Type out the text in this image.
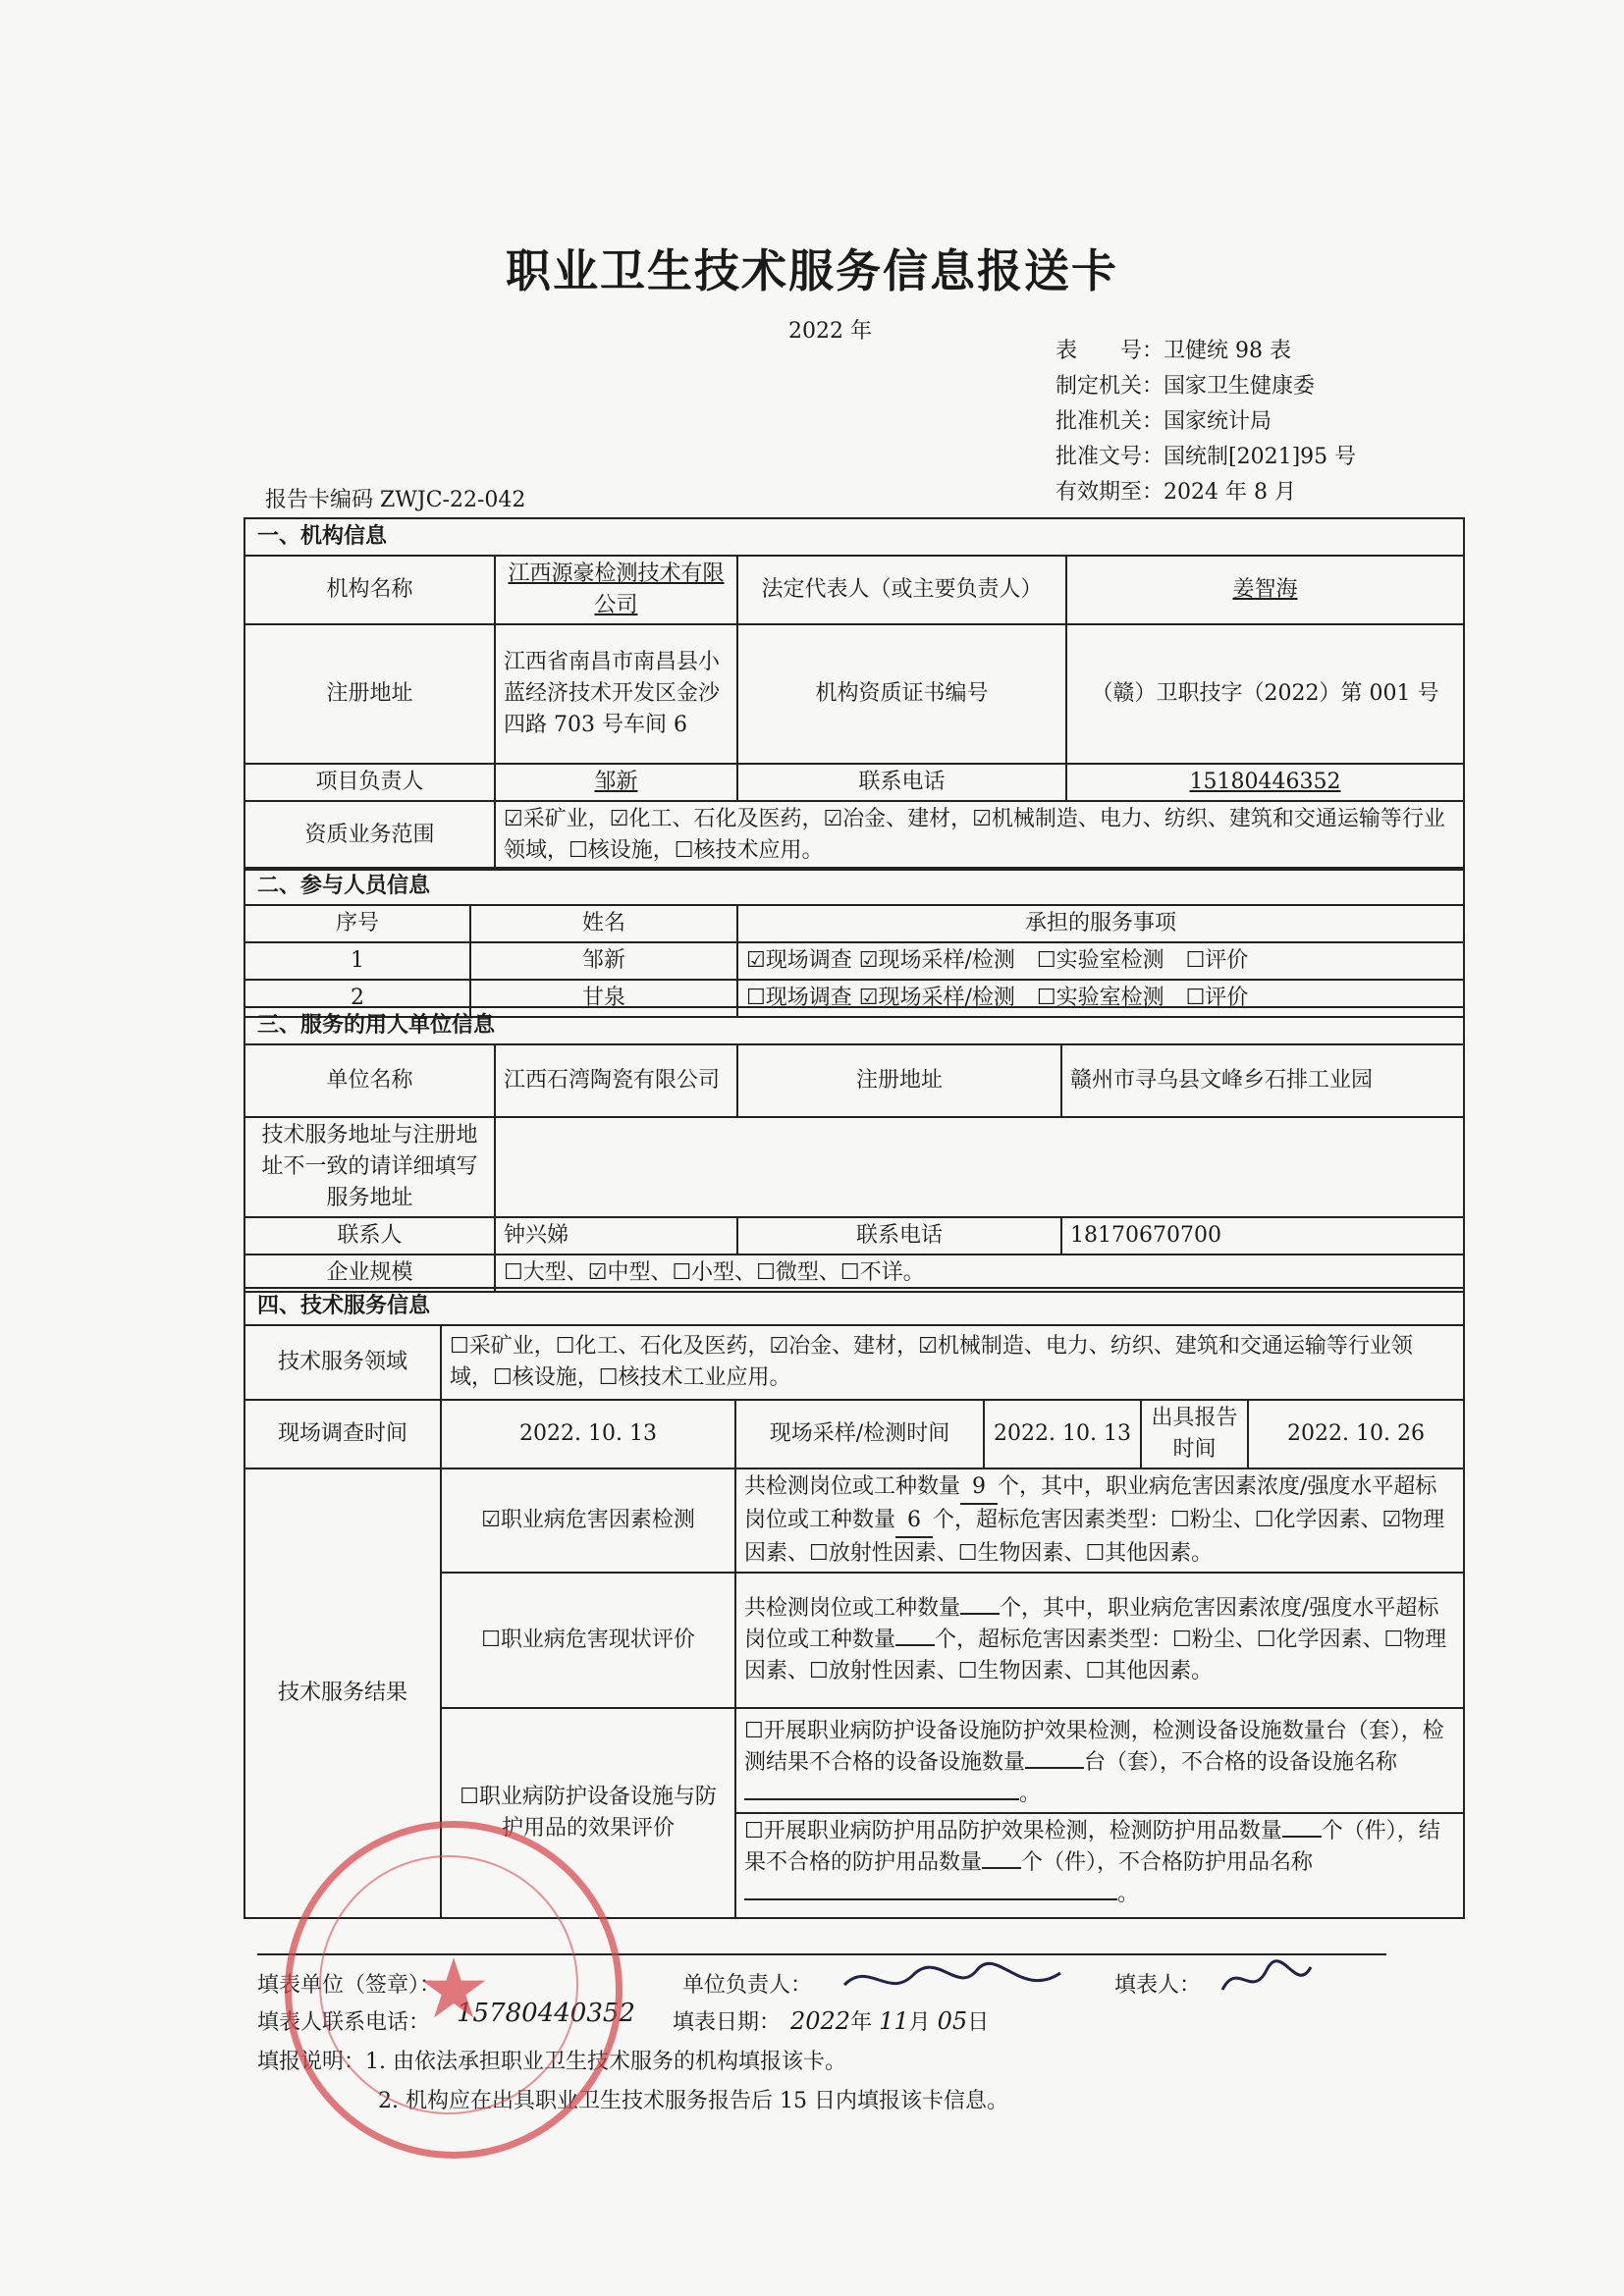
职业卫生技术服务信息报送卡
2022 年
表　　号：卫健统 98 表
制定机关：国家卫生健康委
批准机关：国家统计局
批准文号：国统制[2021]95 号
有效期至：2024 年 8 月
报告卡编码 ZWJC-22-042
一、机构信息			
机构名称	江西源豪检测技术有限公司	法定代表人（或主要负责人）	姜智海
注册地址	江西省南昌市南昌县小蓝经济技术开发区金沙四路 703 号车间 6	机构资质证书编号	（赣）卫职技字（2022）第 001 号
项目负责人	邹新	联系电话	15180446352
资质业务范围	☑采矿业，☑化工、石化及医药，☑冶金、建材，☑机械制造、电力、纺织、建筑和交通运输等行业领域，☐核设施，☐核技术应用。		
二、参与人员信息		
序号	姓名	承担的服务事项
1	邹新	☑现场调查 ☑现场采样/检测　☐实验室检测　☐评价
2	甘泉	☐现场调查 ☑现场采样/检测　☐实验室检测　☐评价
三、服务的用人单位信息			
单位名称	江西石湾陶瓷有限公司	注册地址	赣州市寻乌县文峰乡石排工业园
技术服务地址与注册地址不一致的请详细填写服务地址			
联系人	钟兴娣	联系电话	18170670700
企业规模	☐大型、☑中型、☐小型、☐微型、☐不详。		
四、技术服务信息					
技术服务领域	☐采矿业，☐化工、石化及医药，☑冶金、建材，☑机械制造、电力、纺织、建筑和交通运输等行业领域，☐核设施，☐核技术工业应用。				
现场调查时间	2022. 10. 13	现场采样/检测时间	2022. 10. 13	出具报告时间	2022. 10. 26
技术服务结果	☑职业病危害因素检测	共检测岗位或工种数量 9 个，其中，职业病危害因素浓度/强度水平超标岗位或工种数量 6 个，超标危害因素类型：☐粉尘、☐化学因素、☑物理因素、☐放射性因素、☐生物因素、☐其他因素。			
	☐职业病危害现状评价	共检测岗位或工种数量 个，其中，职业病危害因素浓度/强度水平超标岗位或工种数量 个，超标危害因素类型：☐粉尘、☐化学因素、☐物理因素、☐放射性因素、☐生物因素、☐其他因素。			
	☐职业病防护设备设施与防护用品的效果评价	☐开展职业病防护设备设施防护效果检测，检测设备设施数量台（套），检测结果不合格的设备设施数量 台（套），不合格的设备设施名称。
☐开展职业病防护用品防护效果检测，检测防护用品数量 个（件），结果不合格的防护用品数量 个（件），不合格防护用品名称。			
填表单位（签章）：	单位负责人：	填表人：
填表人联系电话： 15780440352 填表日期： 2022年 11月 05日
填报说明：1. 由依法承担职业卫生技术服务的机构填报该卡。
2. 机构应在出具职业卫生技术服务报告后 15 日内填报该卡信息。
★
